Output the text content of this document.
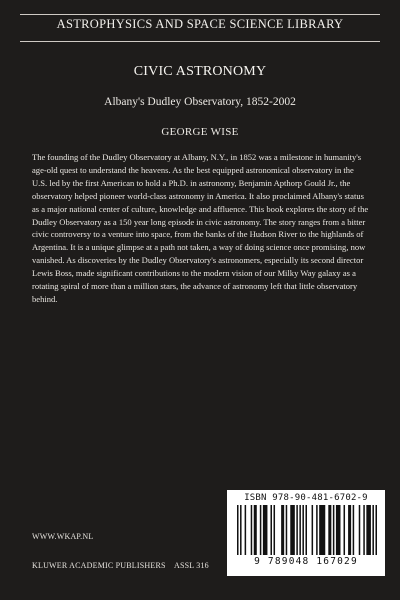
ASTROPHYSICS AND SPACE SCIENCE LIBRARY
CIVIC ASTRONOMY
Albany's Dudley Observatory, 1852-2002
GEORGE WISE
The founding of the Dudley Observatory at Albany, N.Y., in 1852 was a milestone in humanity's age-old quest to understand the heavens. As the best equipped astronomical observatory in the U.S. led by the first American to hold a Ph.D. in astronomy, Benjamin Apthorp Gould Jr., the observatory helped pioneer world-class astronomy in America. It also proclaimed Albany's status as a major national center of culture, knowledge and affluence. This book explores the story of the Dudley Observatory as a 150 year long episode in civic astronomy. The story ranges from a bitter civic controversy to a venture into space, from the banks of the Hudson River to the highlands of Argentina. It is a unique glimpse at a path not taken, a way of doing science once promising, now vanished. As discoveries by the Dudley Observatory's astronomers, especially its second director Lewis Boss, made significant contributions to the modern vision of our Milky Way galaxy as a rotating spiral of more than a million stars, the advance of astronomy left that little observatory behind.
ISBN 978-90-481-6702-9
9 789048 167029
WWW.WKAP.NL
KLUWER ACADEMIC PUBLISHERS ASSL 316
